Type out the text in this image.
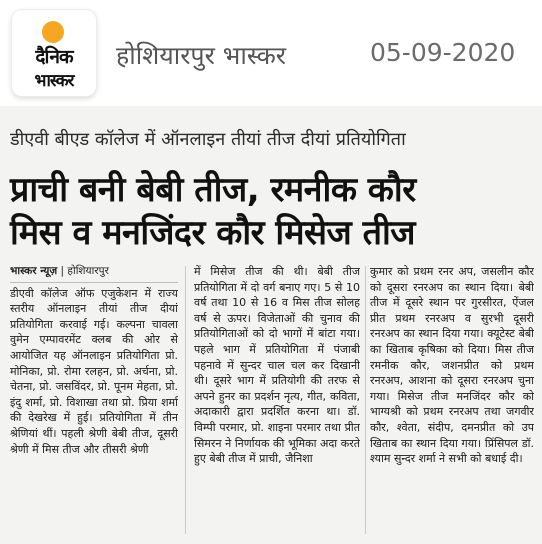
दैनिक
भास्कर
होशियारपुर भास्कर	05-09-2020
डीएवी बीएड कॉलेज में ऑनलाइन तीयां तीज दीयां प्रतियोगिता
प्राची बनी बेबी तीज, रमनीक कौर
मिस व मनजिंदर कौर मिसेज तीज
भास्कर न्यूज़ | होशियारपुर
डीएवी कॉलेज ऑफ एजुकेशन में राज्य स्तरीय ऑनलाइन तीयां तीज दीयां प्रतियोगिता करवाई गई। कल्पना चावला वुमेन एम्पावरमेंट क्लब की ओर से आयोजित यह ऑनलाइन प्रतियोगिता प्रो. मोनिका, प्रो. रोमा रलहन, प्रो. अर्चना, प्रो. चेतना, प्रो. जसविंदर, प्रो. पूनम मेहता, प्रो. इंदु शर्मा, प्रो. विशाखा तथा प्रो. प्रिया शर्मा की देखरेख में हुई। प्रतियोगिता में तीन श्रेणियां थीं। पहली श्रेणी बेबी तीज, दूसरी श्रेणी में मिस तीज और तीसरी श्रेणी
में मिसेज तीज की थी। बेबी तीज प्रतियोगिता में दो वर्ग बनाए गए। 5 से 10 वर्ष तथा 10 से 16 व मिस तीज सोलह वर्ष से ऊपर। विजेताओं की चुनाव की प्रतियोगिताओं को दो भागों में बांटा गया। पहले भाग में प्रतियोगिता में पंजाबी पहनावे में सुन्दर चाल चल कर दिखानी थी। दूसरे भाग में प्रतियोगी की तरफ से अपने हुनर का प्रदर्शन नृत्य, गीत, कविता, अदाकारी द्वारा प्रदर्शित करना था। डॉ. विम्पी परमार, प्रो. शाइना परमार तथा प्रीत सिमरन ने निर्णायक की भूमिका अदा करते हुए बेबी तीज में प्राची, जैनिशा
कुमार को प्रथम रनर अप, जसलीन कौर को दूसरा रनरअप का स्थान दिया। बेबी तीज में दूसरे स्थान पर गुरसीरत, ऐंजल प्रीत प्रथम रनरअप व सुरभी दूसरी रनरअप का स्थान दिया गया। क्यूटेस्ट बेबी का खिताब कृषिका को दिया। मिस तीज रमनीक कौर, जशनप्रीत को प्रथम रनरअप, आशना को दूसरा रनरअप चुना गया। मिसेज तीज मनजिंदर कौर को भाग्यश्री को प्रथम रनरअप तथा जगवीर कौर, श्वेता, संदीप, दमनप्रीत को उप खिताब का स्थान दिया गया। प्रिंसिपल डॉ. श्याम सुन्दर शर्मा ने सभी को बधाई दी।
